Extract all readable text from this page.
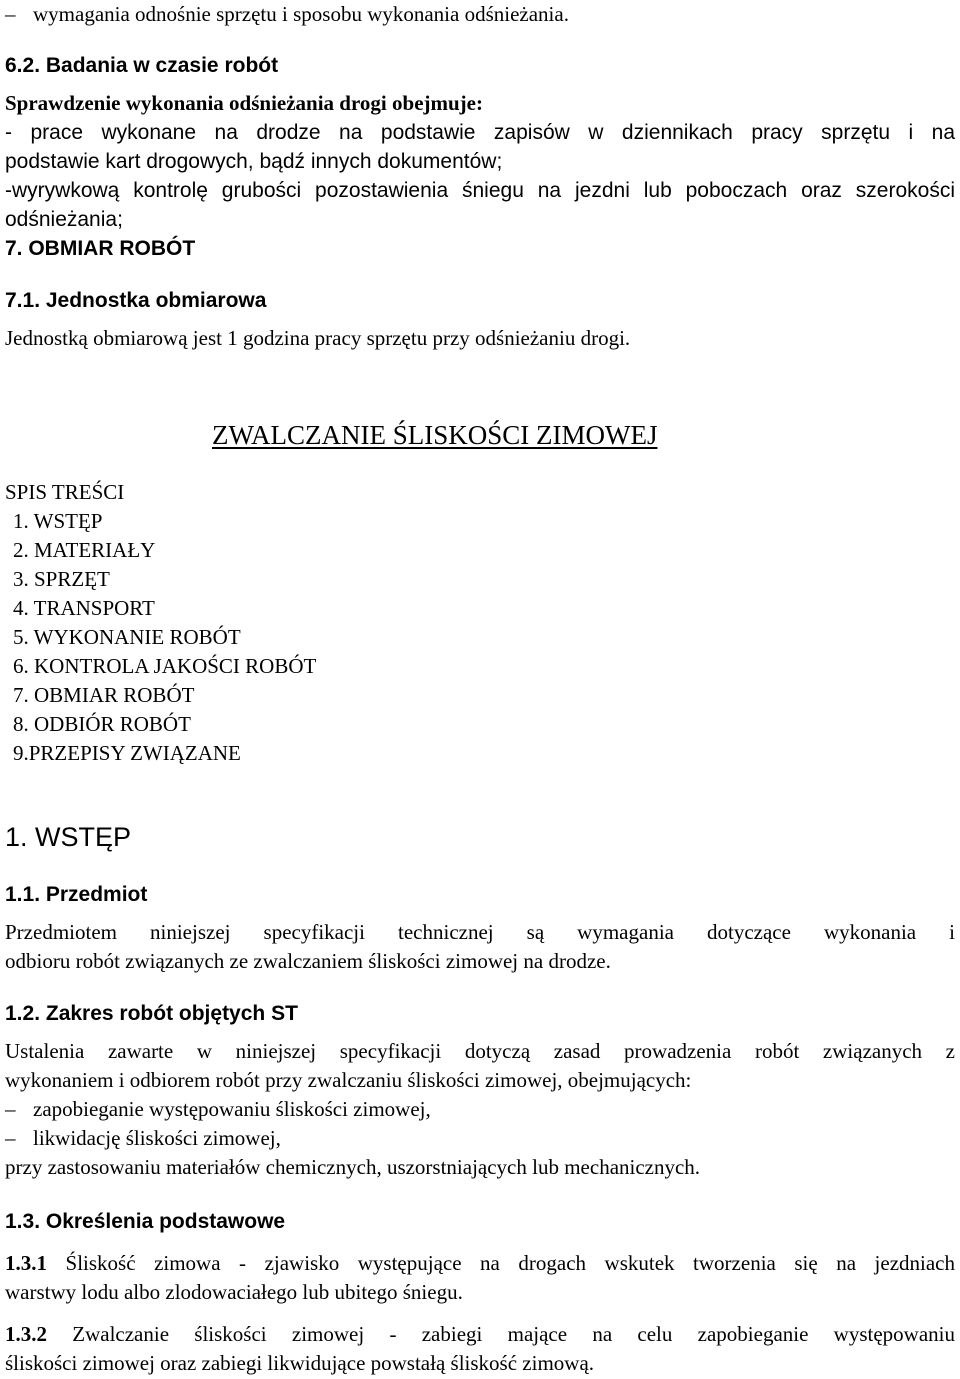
– wymagania odnośnie sprzętu i sposobu wykonania odśnieżania.
6.2. Badania w czasie robót
Sprawdzenie wykonania odśnieżania drogi obejmuje:
- prace wykonane na drodze na podstawie zapisów w dziennikach pracy sprzętu i na
podstawie kart drogowych, bądź innych dokumentów;
-wyrywkową kontrolę grubości pozostawienia śniegu na jezdni lub poboczach oraz szerokości
odśnieżania;
7. OBMIAR ROBÓT
7.1. Jednostka obmiarowa
Jednostką obmiarową jest 1 godzina pracy sprzętu przy odśnieżaniu drogi.
ZWALCZANIE ŚLISKOŚCI ZIMOWEJ
SPIS TREŚCI
1. WSTĘP
2. MATERIAŁY
3. SPRZĘT
4. TRANSPORT
5. WYKONANIE ROBÓT
6. KONTROLA JAKOŚCI ROBÓT
7. OBMIAR ROBÓT
8. ODBIÓR ROBÓT
9.PRZEPISY ZWIĄZANE
1. WSTĘP
1.1. Przedmiot
Przedmiotem niniejszej specyfikacji technicznej są wymagania dotyczące wykonania i
odbioru robót związanych ze zwalczaniem śliskości zimowej na drodze.
1.2. Zakres robót objętych ST
Ustalenia zawarte w niniejszej specyfikacji dotyczą zasad prowadzenia robót związanych z
wykonaniem i odbiorem robót przy zwalczaniu śliskości zimowej, obejmujących:
– zapobieganie występowaniu śliskości zimowej,
– likwidację śliskości zimowej,
przy zastosowaniu materiałów chemicznych, uszorstniających lub mechanicznych.
1.3. Określenia podstawowe
1.3.1 Śliskość zimowa - zjawisko występujące na drogach wskutek tworzenia się na jezdniach
warstwy lodu albo zlodowaciałego lub ubitego śniegu.
1.3.2 Zwalczanie śliskości zimowej - zabiegi mające na celu zapobieganie występowaniu
śliskości zimowej oraz zabiegi likwidujące powstałą śliskość zimową.
